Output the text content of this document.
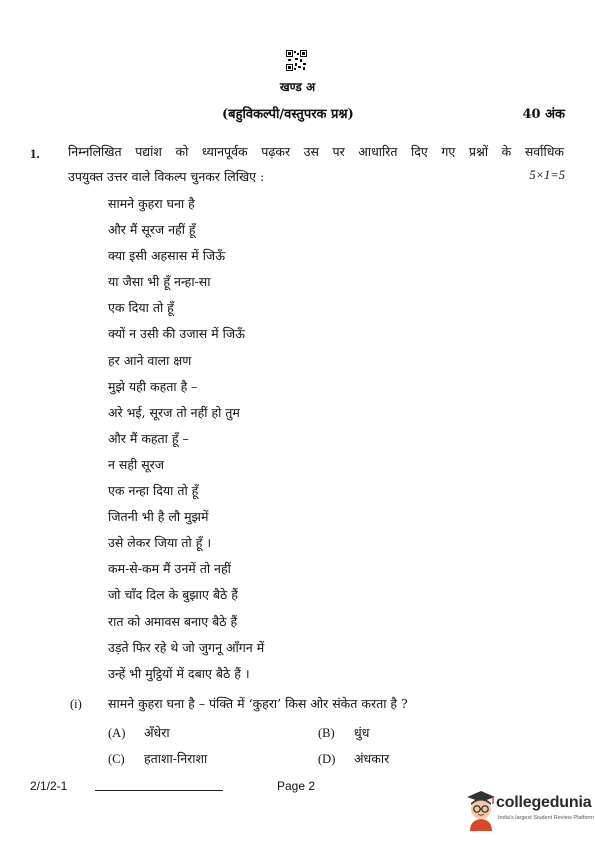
खण्ड अ
(बहुविकल्पी/वस्तुपरक प्रश्न)	40 अंक
1. निम्नलिखित पद्यांश को ध्यानपूर्वक पढ़कर उस पर आधारित दिए गए प्रश्नों के सर्वाधिक
उपयुक्त उत्तर वाले विकल्प चुनकर लिखिए :	5×1=5
सामने कुहरा घना है
और मैं सूरज नहीं हूँ
क्या इसी अहसास में जिऊँ
या जैसा भी हूँ नन्हा-सा
एक दिया तो हूँ
क्यों न उसी की उजास में जिऊँ
हर आने वाला क्षण
मुझे यही कहता है –
अरे भई, सूरज तो नहीं हो तुम
और मैं कहता हूँ –
न सही सूरज
एक नन्हा दिया तो हूँ
जितनी भी है लौ मुझमें
उसे लेकर जिया तो हूँ ।
कम-से-कम मैं उनमें तो नहीं
जो चाँद दिल के बुझाए बैठे हैं
रात को अमावस बनाए बैठे हैं
उड़ते फिर रहे थे जो जुगनू आँगन में
उन्हें भी मुट्ठियों में दबाए बैठे हैं ।
(i) सामने कुहरा घना है – पंक्ति में ‘कुहरा’ किस ओर संकेत करता है ?
(A) अँधेरा	(B) धुंध
(C) हताशा-निराशा	(D) अंधकार
2/1/2-1	Page 2
collegedunia
India's largest Student Review Platform
